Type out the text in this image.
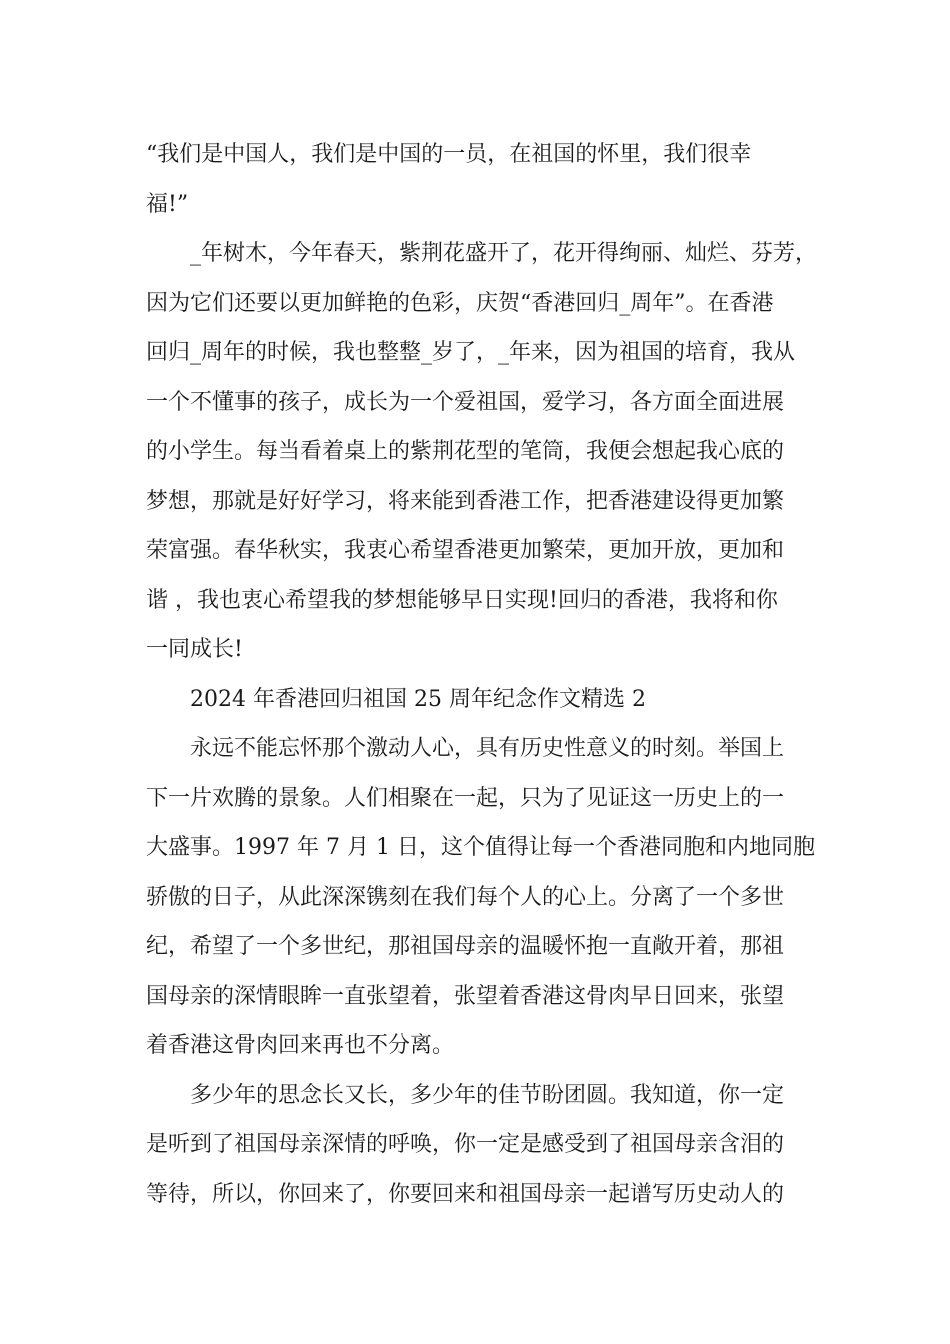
“我们是中国人，我们是中国的一员，在祖国的怀里，我们很幸
福!”

_年树木，今年春天，紫荆花盛开了，花开得绚丽、灿烂、芬芳，
因为它们还要以更加鲜艳的色彩，庆贺“香港回归_周年”。在香港
回归_周年的时候，我也整整_岁了，_年来，因为祖国的培育，我从
一个不懂事的孩子，成长为一个爱祖国，爱学习，各方面全面进展
的小学生。每当看着桌上的紫荆花型的笔筒，我便会想起我心底的
梦想，那就是好好学习，将来能到香港工作，把香港建设得更加繁
荣富强。春华秋实，我衷心希望香港更加繁荣，更加开放，更加和
谐 ，我也衷心希望我的梦想能够早日实现!回归的香港，我将和你
一同成长!

2024 年香港回归祖国 25 周年纪念作文精选 2

永远不能忘怀那个激动人心，具有历史性意义的时刻。举国上
下一片欢腾的景象。人们相聚在一起，只为了见证这一历史上的一
大盛事。1997 年 7 月 1 日，这个值得让每一个香港同胞和内地同胞
骄傲的日子，从此深深镌刻在我们每个人的心上。分离了一个多世
纪，希望了一个多世纪，那祖国母亲的温暖怀抱一直敞开着，那祖
国母亲的深情眼眸一直张望着，张望着香港这骨肉早日回来，张望
着香港这骨肉回来再也不分离。

多少年的思念长又长，多少年的佳节盼团圆。我知道，你一定
是听到了祖国母亲深情的呼唤，你一定是感受到了祖国母亲含泪的
等待，所以，你回来了，你要回来和祖国母亲一起谱写历史动人的
